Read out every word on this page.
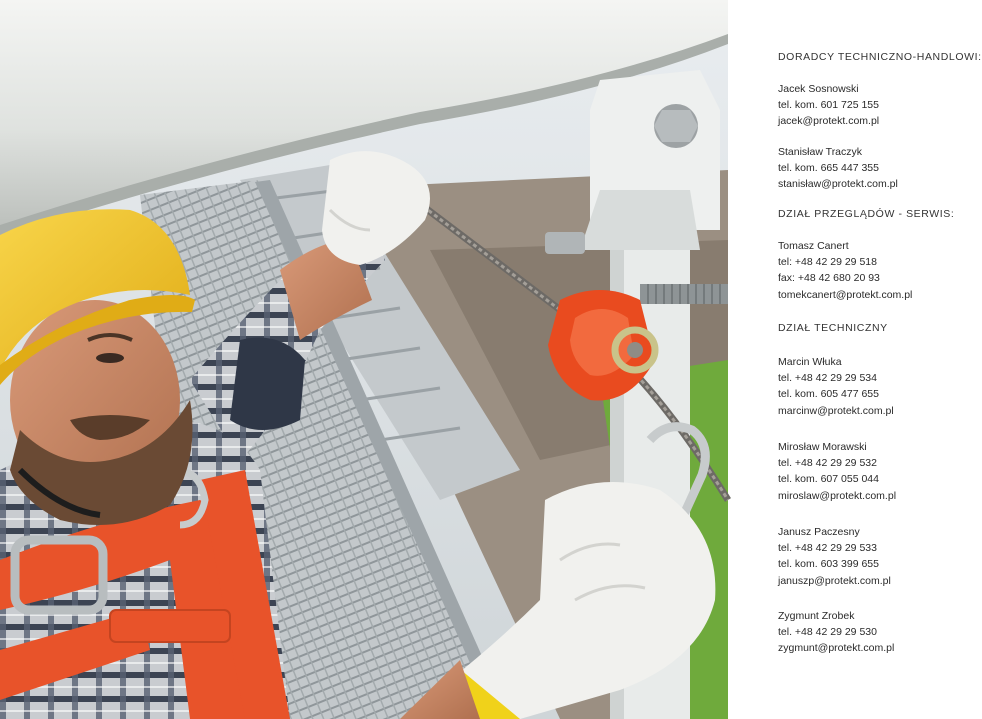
DORADCY TECHNICZNO-HANDLOWI:
Jacek Sosnowski
tel. kom. 601 725 155
jacek@protekt.com.pl
Stanisław Traczyk
tel. kom. 665 447 355
stanisław@protekt.com.pl
DZIAŁ PRZEGLĄDÓW - SERWIS:
Tomasz Canert
tel: +48 42 29 29 518
fax: +48 42 680 20 93
tomekcanert@protekt.com.pl
DZIAŁ TECHNICZNY
Marcin Włuka
tel. +48 42 29 29 534
tel. kom. 605 477 655
marcinw@protekt.com.pl
Mirosław Morawski
tel. +48 42 29 29 532
tel. kom. 607 055 044
miroslaw@protekt.com.pl
Janusz Paczesny
tel. +48 42 29 29 533
tel. kom. 603 399 655
januszp@protekt.com.pl
Zygmunt Zrobek
tel. +48 42 29 29 530
zygmunt@protekt.com.pl
